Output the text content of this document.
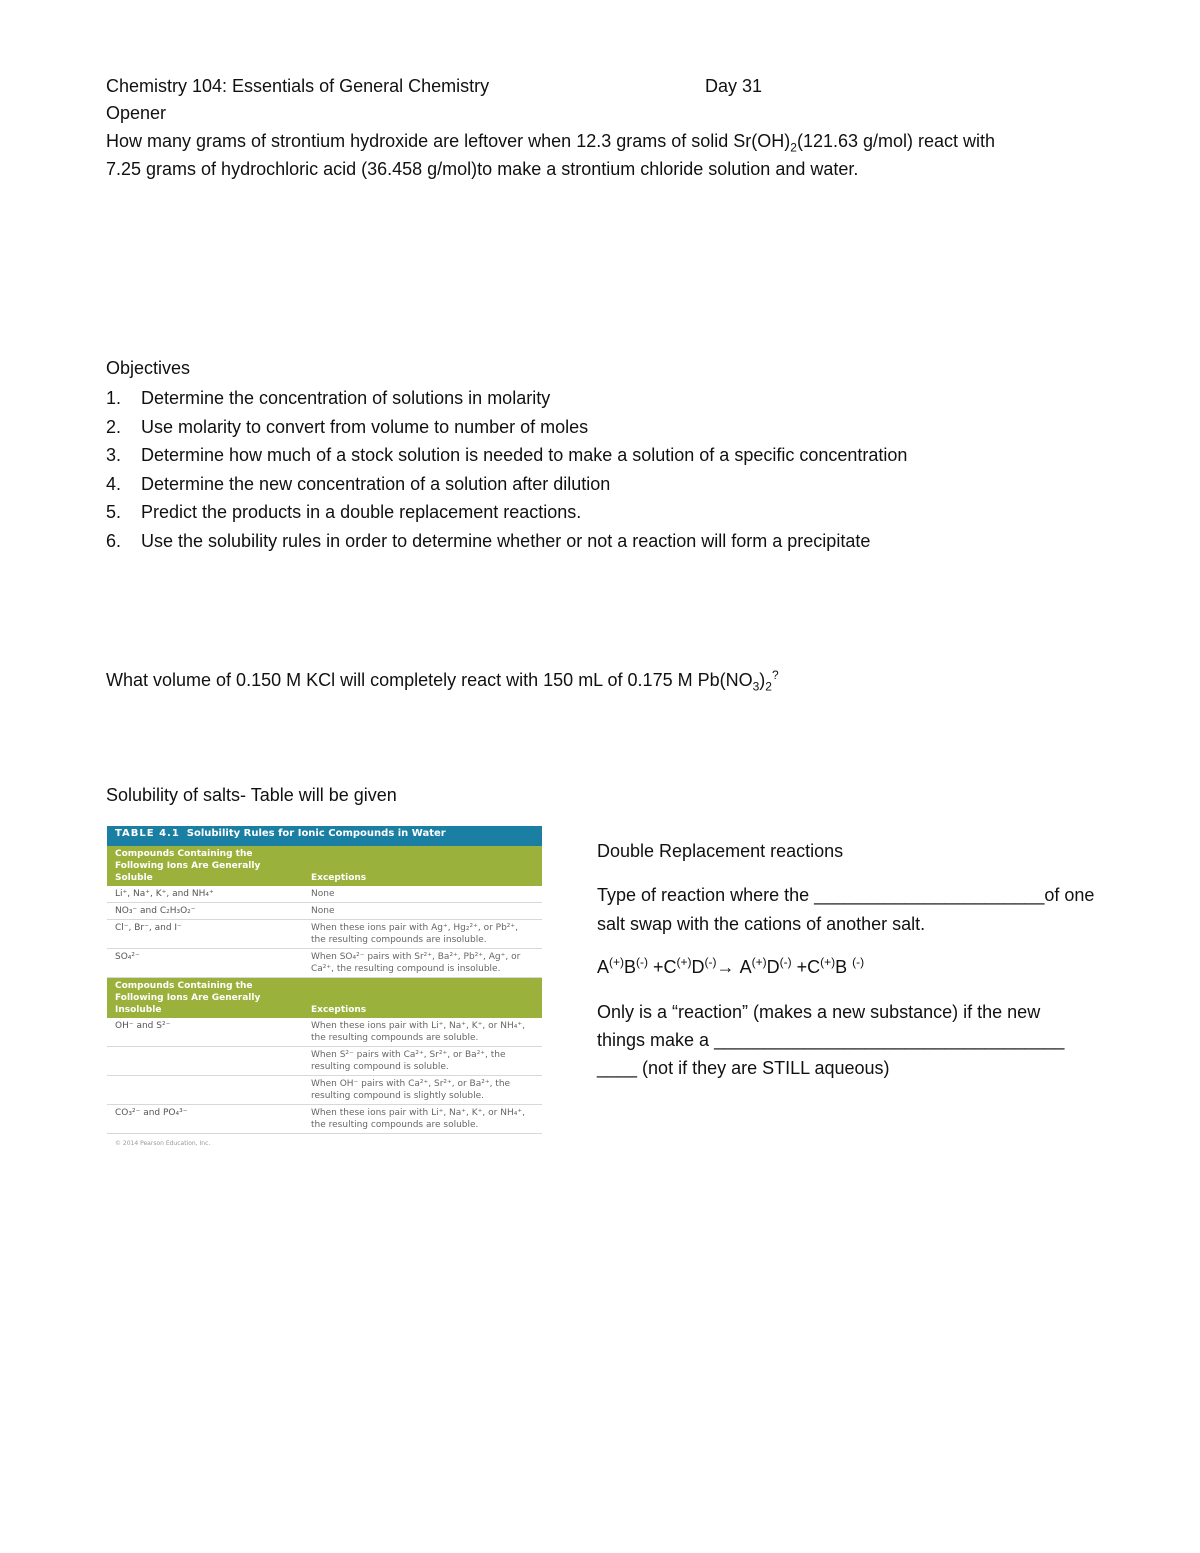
Chemistry 104: Essentials of General Chemistry	Day 31
Opener
How many grams of strontium hydroxide are leftover when 12.3 grams of solid $Sr(OH)_2(121.63$ g/mol) react with
7.25 grams of hydrochloric acid (36.458 g/mol)to make a strontium chloride solution and water.
Objectives
1. Determine the concentration of solutions in molarity
2. Use molarity to convert from volume to number of moles
3. Determine how much of a stock solution is needed to make a solution of a specific concentration
4. Determine the new concentration of a solution after dilution
5. Predict the products in a double replacement reactions.
6. Use the solubility rules in order to determine whether or not a reaction will form a precipitate
What volume of 0.150 M KCl will completely react with 150 mL of 0.175 M $Pb(NO_3)_2^?$
Solubility of salts- Table will be given
TABLE 4.1 Solubility Rules for Ionic Compounds in Water	
Compounds Containing the Following Ions Are Generally Soluble	Exceptions
Li⁺, Na⁺, K⁺, and NH₄⁺	None
NO₃⁻ and C₂H₃O₂⁻	None
Cl⁻, Br⁻, and I⁻	When these ions pair with Ag⁺, Hg₂²⁺, or Pb²⁺, the resulting compounds are insoluble.
SO₄²⁻	When SO₄²⁻ pairs with Sr²⁺, Ba²⁺, Pb²⁺, Ag⁺, or Ca²⁺, the resulting compound is insoluble.
Compounds Containing the Following Ions Are Generally Insoluble	Exceptions
OH⁻ and S²⁻	When these ions pair with Li⁺, Na⁺, K⁺, or NH₄⁺, the resulting compounds are soluble.
	When S²⁻ pairs with Ca²⁺, Sr²⁺, or Ba²⁺, the resulting compound is soluble.
	When OH⁻ pairs with Ca²⁺, Sr²⁺, or Ba²⁺, the resulting compound is slightly soluble.
CO₃²⁻ and PO₄³⁻	When these ions pair with Li⁺, Na⁺, K⁺, or NH₄⁺, the resulting compounds are soluble.
© 2014 Pearson Education, Inc.	
Double Replacement reactions
Type of reaction where the _______________________of one
salt swap with the cations of another salt.
A(+)B(-) +C(+)D(-)→ A(+)D(-) +C(+)B (-)
Only is a “reaction” (makes a new substance) if the new
things make a ___________________________________
____ (not if they are STILL aqueous)
